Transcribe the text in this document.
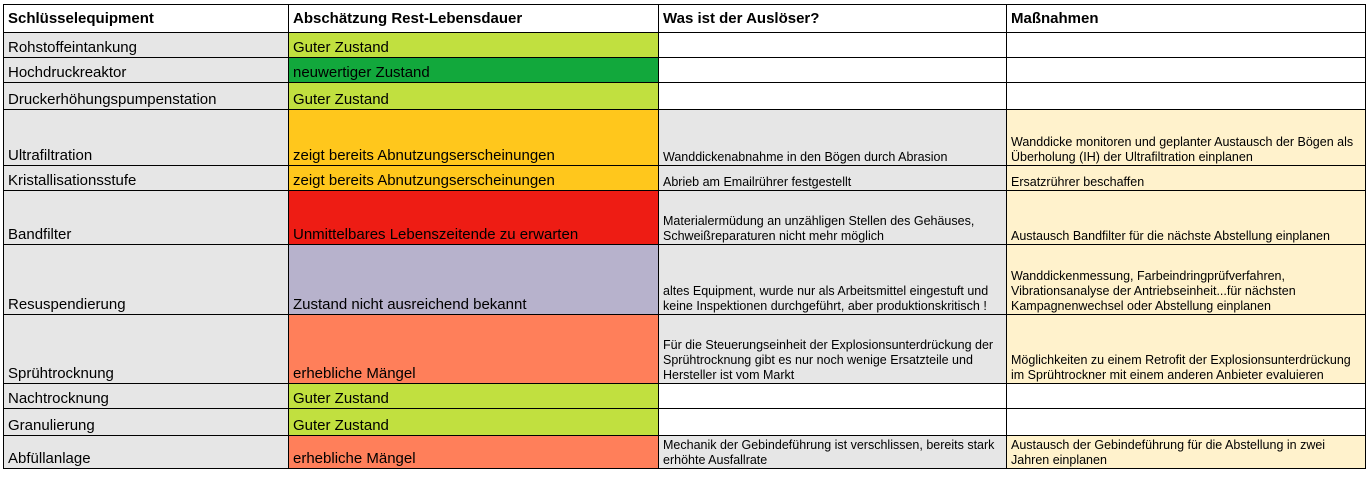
Schlüsselequipment	Abschätzung Rest-Lebensdauer	Was ist der Auslöser?	Maßnahmen
Rohstoffeintankung	Guter Zustand		
Hochdruckreaktor	neuwertiger Zustand		
Druckerhöhungspumpenstation	Guter Zustand		
Ultrafiltration	zeigt bereits Abnutzungserscheinungen	Wanddickenabnahme in den Bögen durch Abrasion	Wanddicke monitoren und geplanter Austausch der Bögen als Überholung (IH) der Ultrafiltration einplanen
Kristallisationsstufe	zeigt bereits Abnutzungserscheinungen	Abrieb am Emailrührer festgestellt	Ersatzrührer beschaffen
Bandfilter	Unmittelbares Lebenszeitende zu erwarten	Materialermüdung an unzähligen Stellen des Gehäuses, Schweißreparaturen nicht mehr möglich	Austausch Bandfilter für die nächste Abstellung einplanen
Resuspendierung	Zustand nicht ausreichend bekannt	altes Equipment, wurde nur als Arbeitsmittel eingestuft und keine Inspektionen durchgeführt, aber produktionskritisch !	Wanddickenmessung, Farbeindringprüfverfahren, Vibrationsanalyse der Antriebseinheit...für nächsten Kampagnenwechsel oder Abstellung einplanen
Sprühtrocknung	erhebliche Mängel	Für die Steuerungseinheit der Explosionsunterdrückung der Sprühtrocknung gibt es nur noch wenige Ersatzteile und Hersteller ist vom Markt	Möglichkeiten zu einem Retrofit der Explosionsunterdrückung im Sprühtrockner mit einem anderen Anbieter evaluieren
Nachtrocknung	Guter Zustand		
Granulierung	Guter Zustand		
Abfüllanlage	erhebliche Mängel	Mechanik der Gebindeführung ist verschlissen, bereits stark erhöhte Ausfallrate	Austausch der Gebindeführung für die Abstellung in zwei Jahren einplanen
